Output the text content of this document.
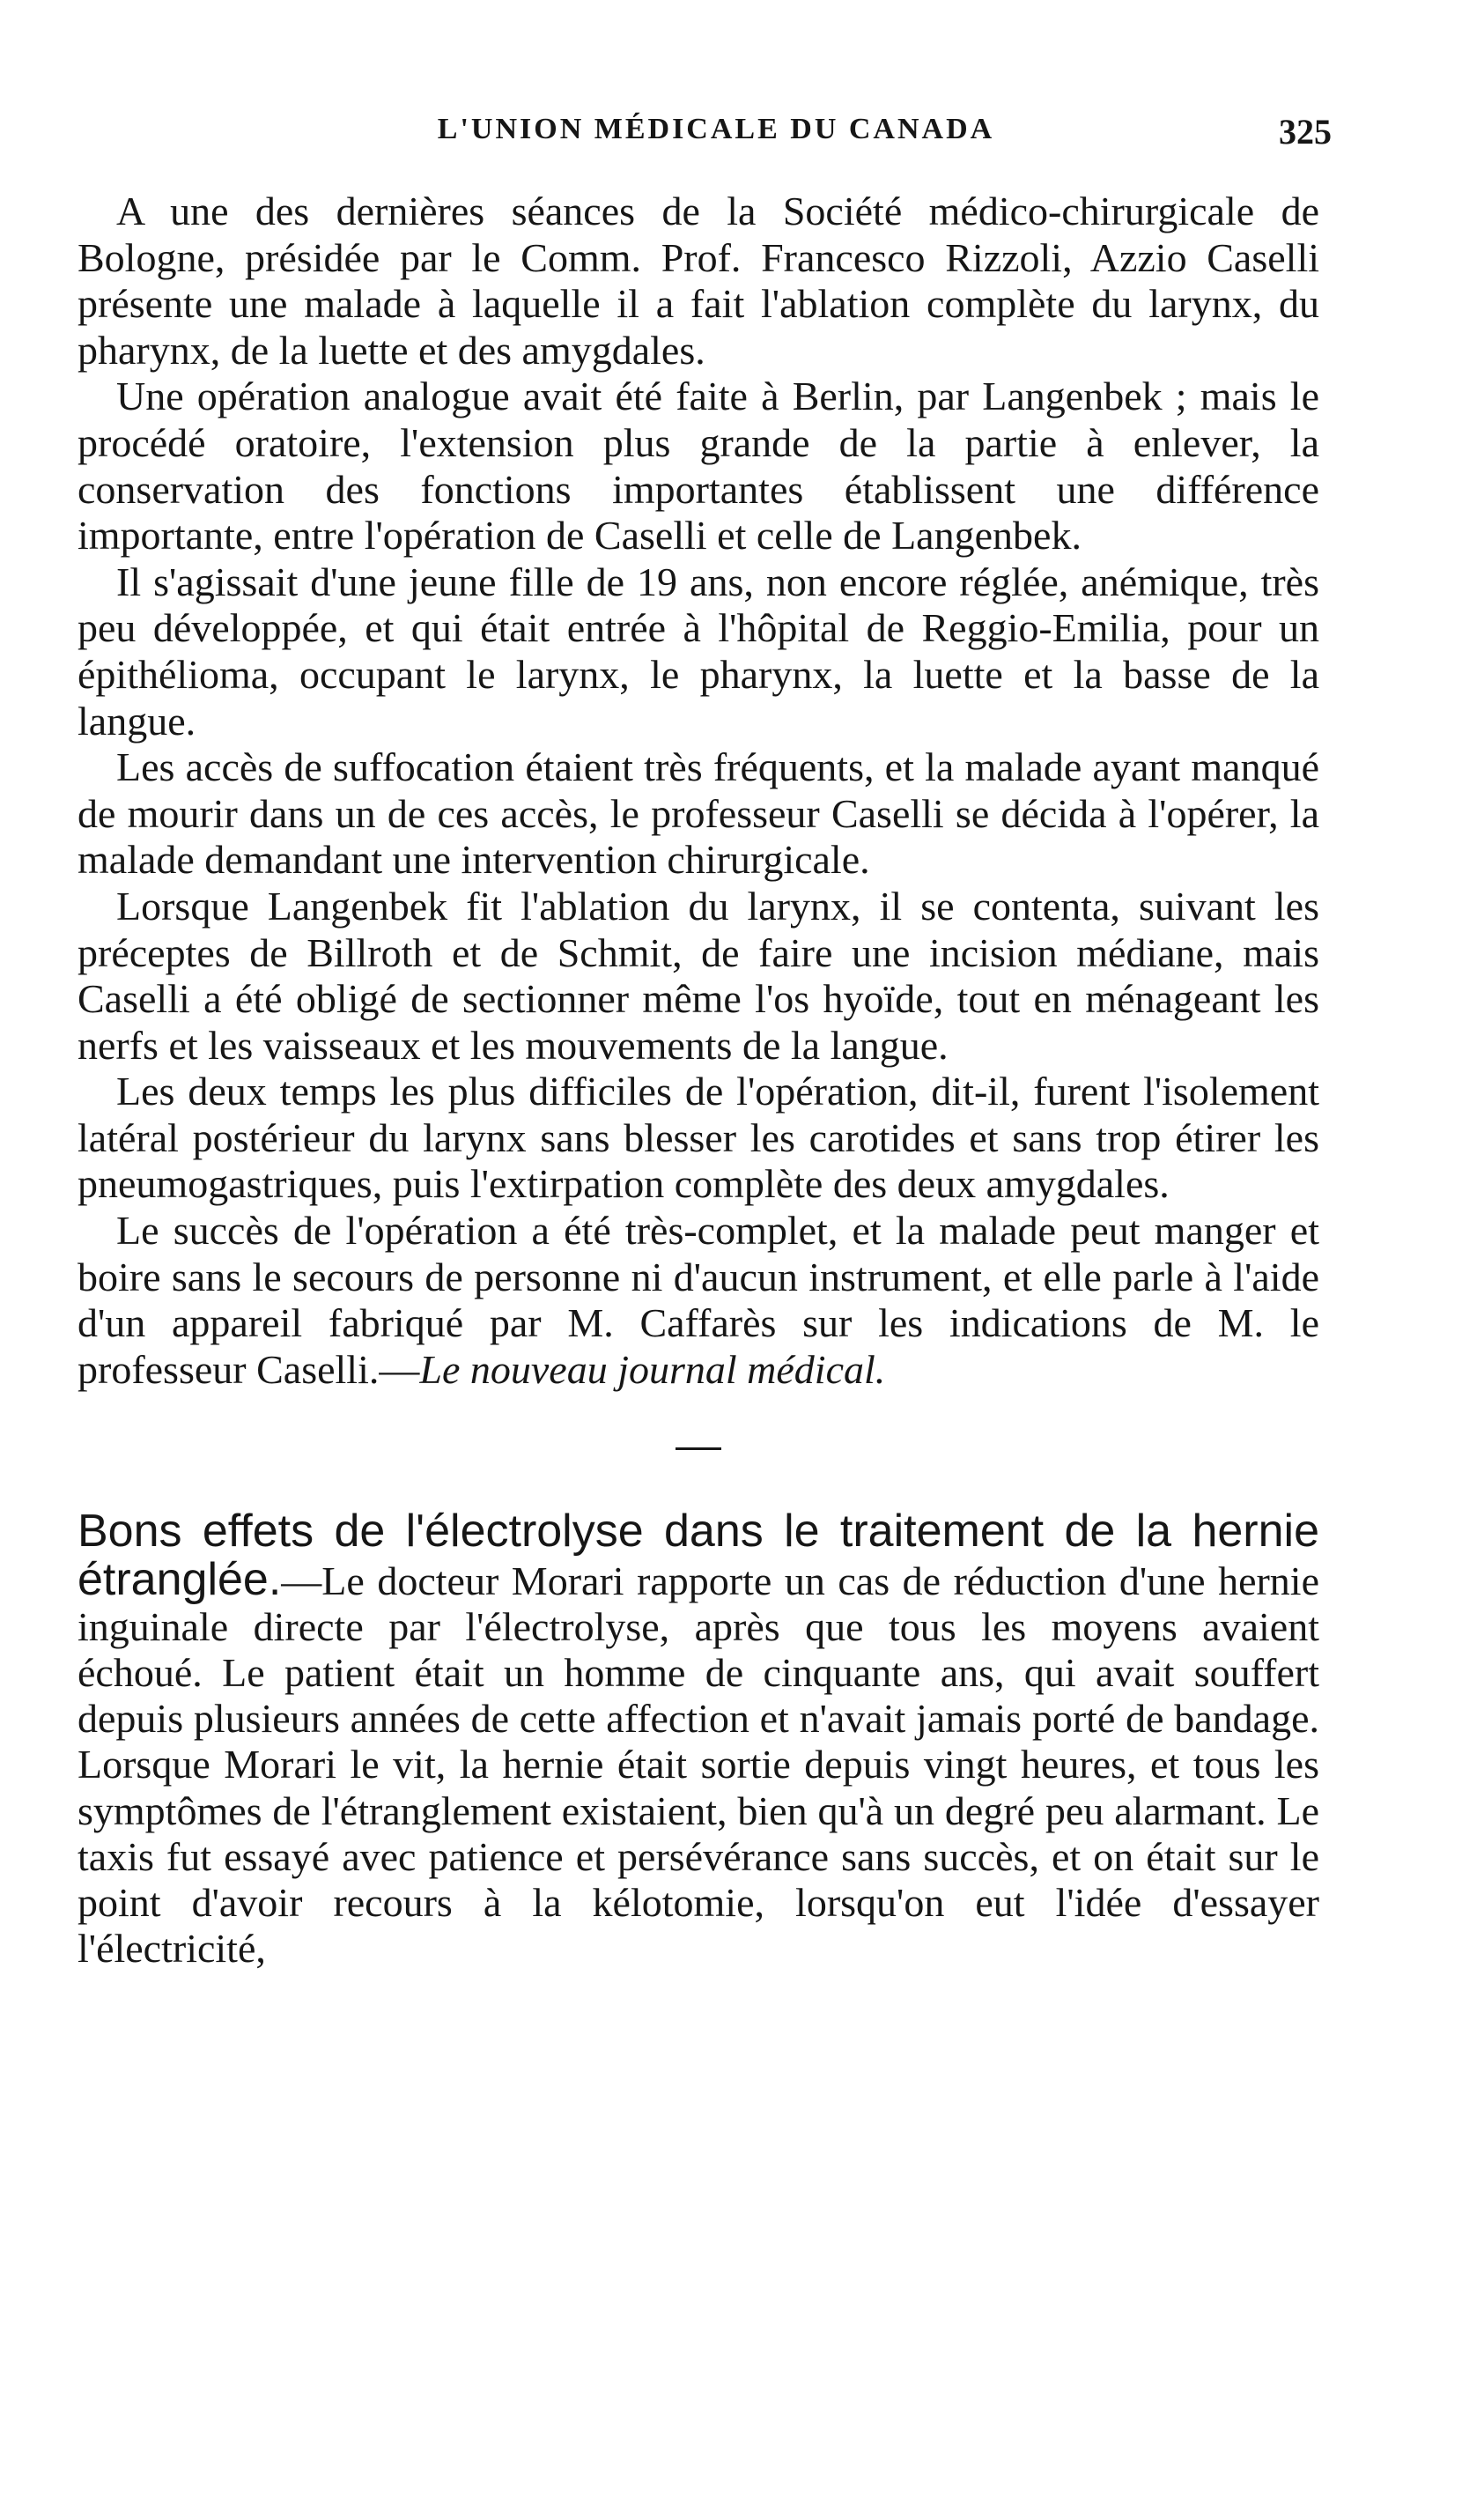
L'UNION MÉDICALE DU CANADA	325

A une des dernières séances de la Société médico-chirurgicale de Bologne, présidée par le Comm. Prof. Francesco Rizzoli, Azzio Caselli présente une malade à laquelle il a fait l'ablation complète du larynx, du pharynx, de la luette et des amygdales.

Une opération analogue avait été faite à Berlin, par Langenbek ; mais le procédé oratoire, l'extension plus grande de la partie à enlever, la conservation des fonctions importantes établissent une différence importante, entre l'opération de Caselli et celle de Langenbek.

Il s'agissait d'une jeune fille de 19 ans, non encore réglée, anémique, très peu développée, et qui était entrée à l'hôpital de Reggio-Emilia, pour un épithélioma, occupant le larynx, le pharynx, la luette et la basse de la langue.

Les accès de suffocation étaient très fréquents, et la malade ayant manqué de mourir dans un de ces accès, le professeur Caselli se décida à l'opérer, la malade demandant une intervention chirurgicale.

Lorsque Langenbek fit l'ablation du larynx, il se contenta, suivant les préceptes de Billroth et de Schmit, de faire une incision médiane, mais Caselli a été obligé de sectionner même l'os hyoïde, tout en ménageant les nerfs et les vaisseaux et les mouvements de la langue.

Les deux temps les plus difficiles de l'opération, dit-il, furent l'isolement latéral postérieur du larynx sans blesser les carotides et sans trop étirer les pneumogastriques, puis l'extirpation complète des deux amygdales.

Le succès de l'opération a été très-complet, et la malade peut manger et boire sans le secours de personne ni d'aucun instrument, et elle parle à l'aide d'un appareil fabriqué par M. Caffarès sur les indications de M. le professeur Caselli.—Le nouveau journal médical.

Bons effets de l'électrolyse dans le traitement de la hernie étranglée.—Le docteur Morari rapporte un cas de réduction d'une hernie inguinale directe par l'électrolyse, après que tous les moyens avaient échoué. Le patient était un homme de cinquante ans, qui avait souffert depuis plusieurs années de cette affection et n'avait jamais porté de bandage. Lorsque Morari le vit, la hernie était sortie depuis vingt heures, et tous les symptômes de l'étranglement existaient, bien qu'à un degré peu alarmant. Le taxis fut essayé avec patience et persévérance sans succès, et on était sur le point d'avoir recours à la kélotomie, lorsqu'on eut l'idée d'essayer l'électricité,
